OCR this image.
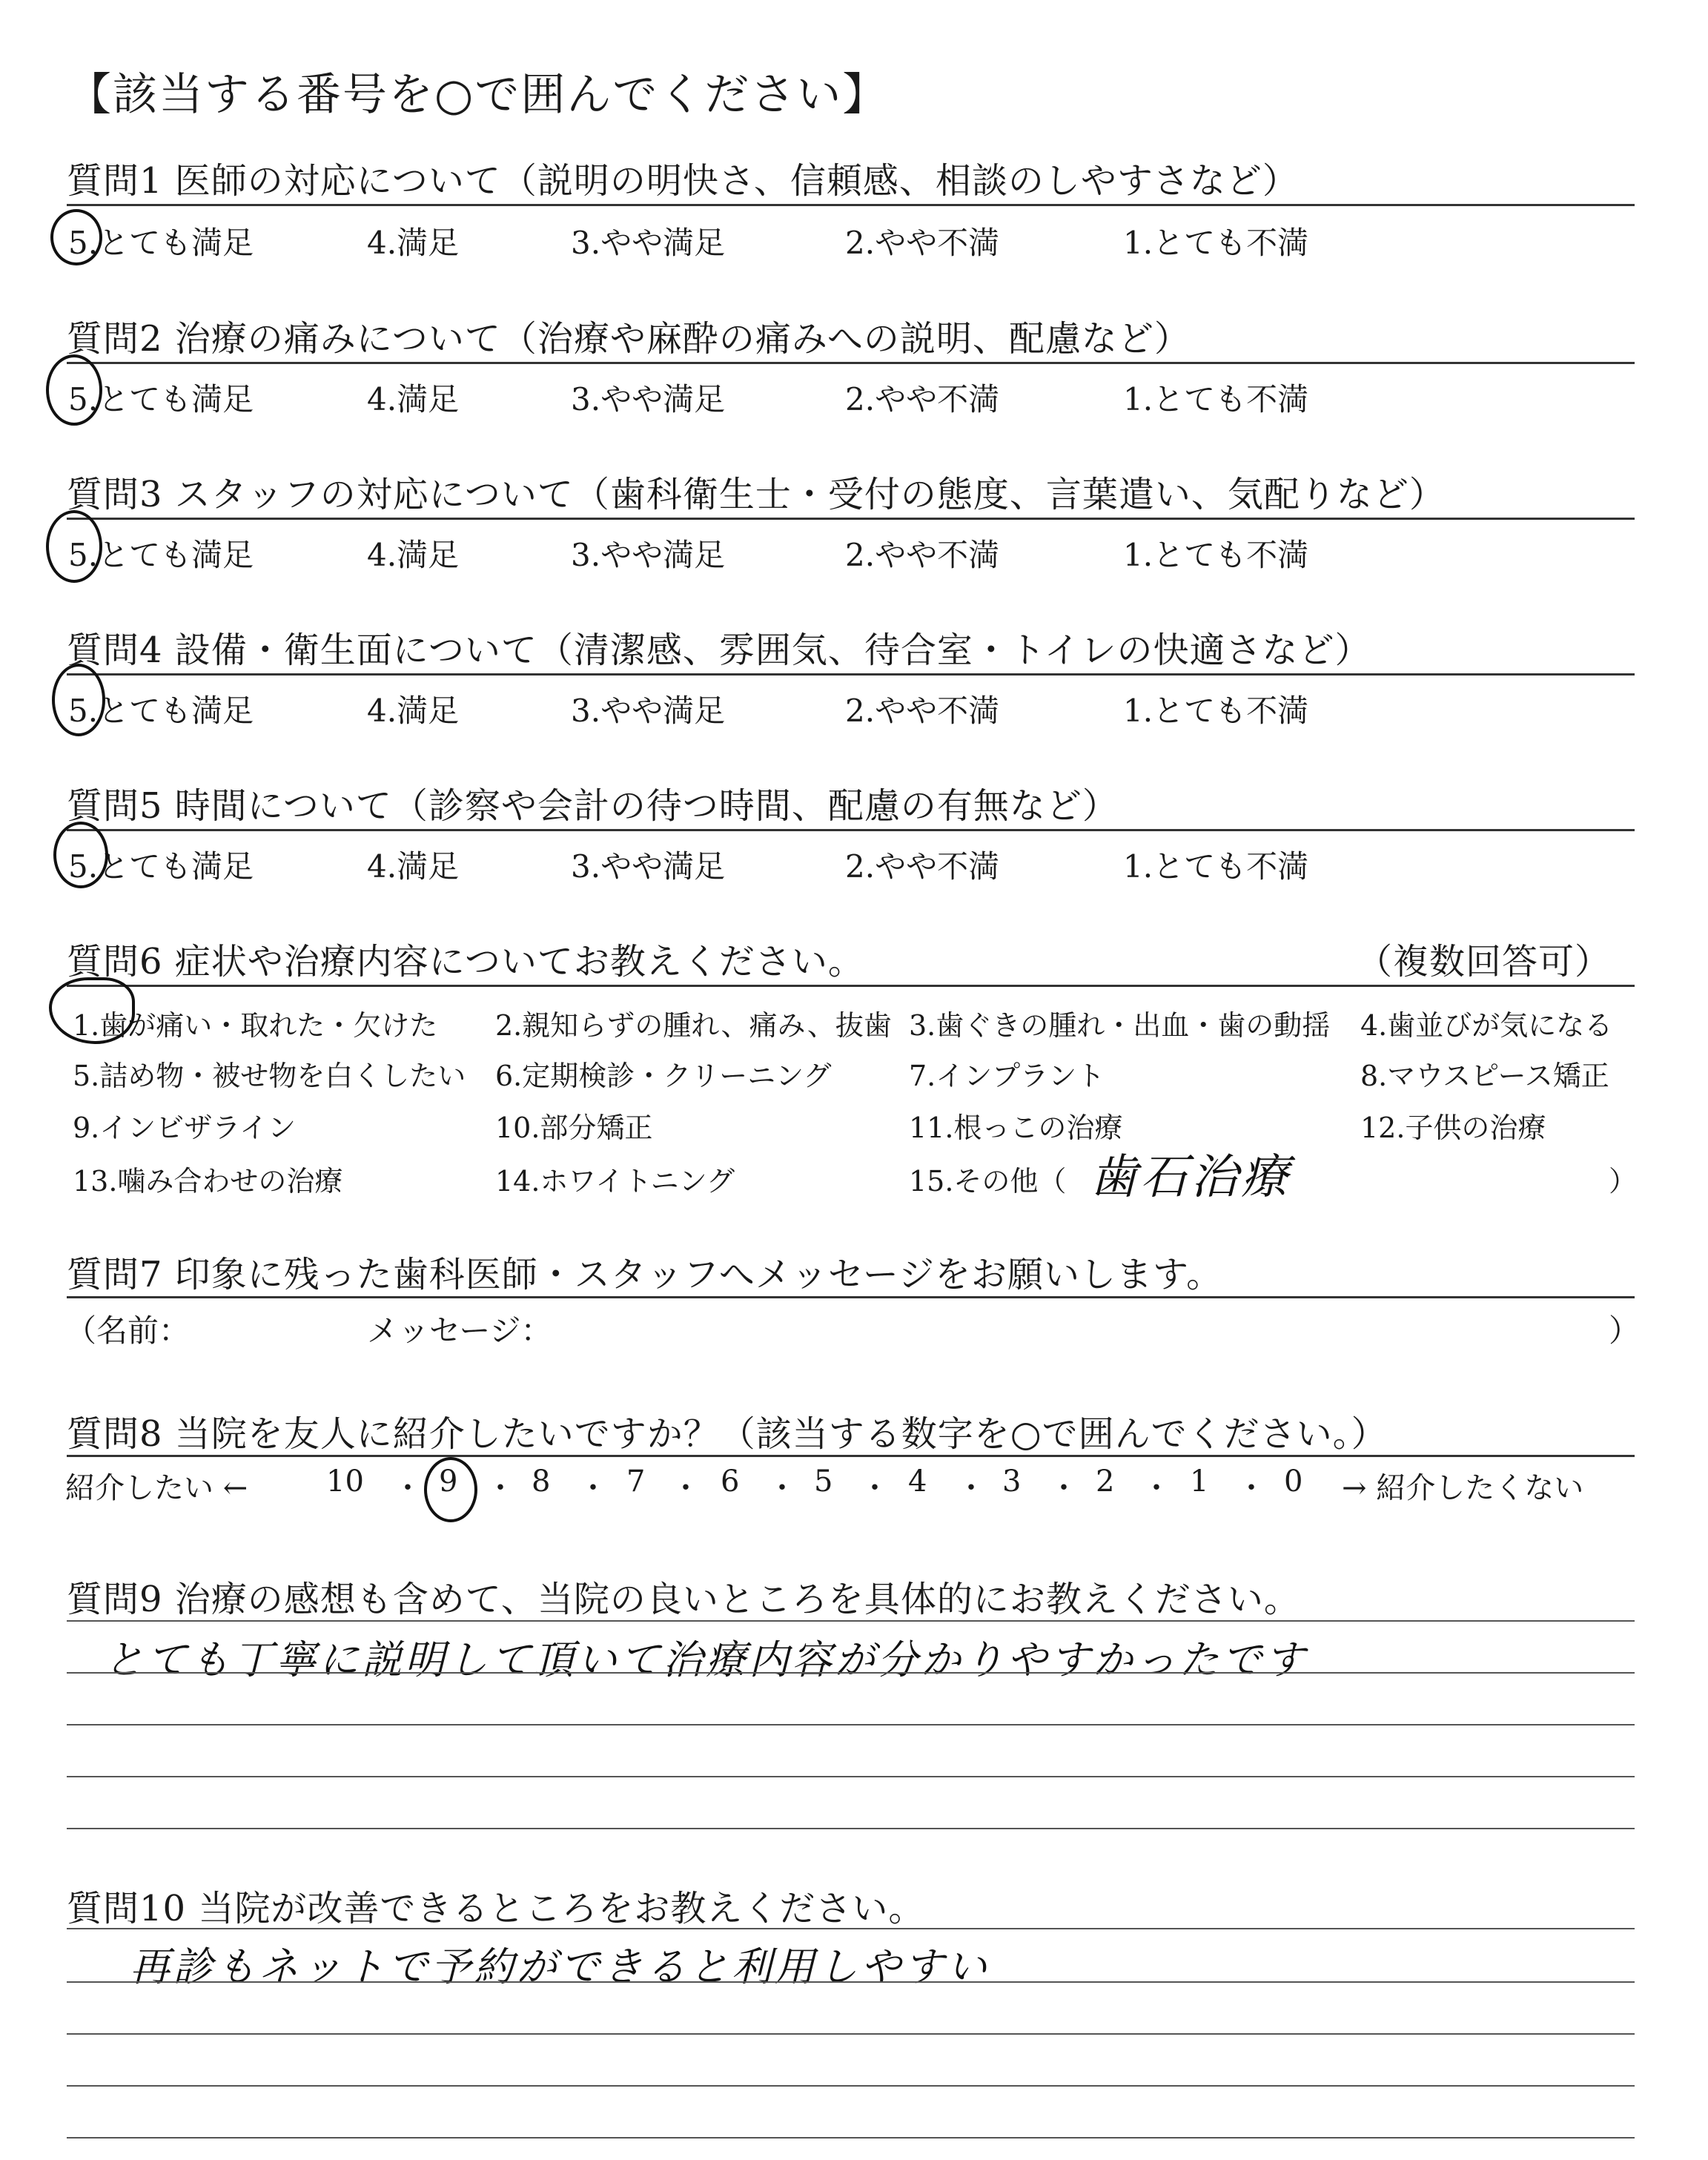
【該当する番号を○で囲んでください】
質問1 医師の対応について（説明の明快さ、信頼感、相談のしやすさなど）
5.とても満足	4.満足	3.やや満足	2.やや不満	1.とても不満
質問2 治療の痛みについて（治療や麻酔の痛みへの説明、配慮など）
5.とても満足	4.満足	3.やや満足	2.やや不満	1.とても不満
質問3 スタッフの対応について（歯科衛生士・受付の態度、言葉遣い、気配りなど）
5.とても満足	4.満足	3.やや満足	2.やや不満	1.とても不満
質問4 設備・衛生面について（清潔感、雰囲気、待合室・トイレの快適さなど）
5.とても満足	4.満足	3.やや満足	2.やや不満	1.とても不満
質問5 時間について（診察や会計の待つ時間、配慮の有無など）
5.とても満足	4.満足	3.やや満足	2.やや不満	1.とても不満
質問6 症状や治療内容についてお教えください。	（複数回答可）
1.歯が痛い・取れた・欠けた 2.親知らずの腫れ、痛み、抜歯 3.歯ぐきの腫れ・出血・歯の動揺 4.歯並びが気になる
5.詰め物・被せ物を白くしたい 6.定期検診・クリーニング	7.インプラント	8.マウスピース矯正
9.インビザライン	10.部分矯正	11.根っこの治療	12.子供の治療
13.噛み合わせの治療	14.ホワイトニング	15.その他（	）
歯石治療
質問7 印象に残った歯科医師・スタッフへメッセージをお願いします。
（名前：	メッセージ：	）
質問8 当院を友人に紹介したいですか？（該当する数字を○で囲んでください。）
紹介したい ←	10 ・ 9 ・ 8 ・ 7 ・ 6 ・ 5 ・ 4 ・ 3 ・ 2 ・ 1 ・ 0 → 紹介したくない
質問9 治療の感想も含めて、当院の良いところを具体的にお教えください。
とても丁寧に説明して頂いて治療内容が分かりやすかったです
質問10 当院が改善できるところをお教えください。
再診もネットで予約ができると利用しやすい
